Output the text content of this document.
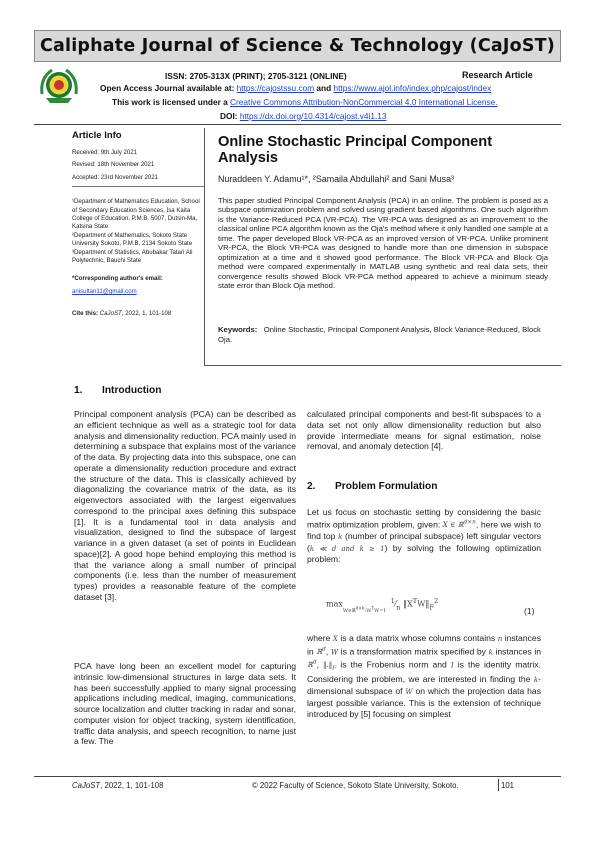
Caliphate Journal of Science & Technology (CaJoST)
ISSN: 2705-313X (PRINT); 2705-3121 (ONLINE)	Research Article
Open Access Journal available at: https://cajostssu.com and https://www.ajol.info/index.php/cajost/index
This work is licensed under a Creative Commons Attribution-NonCommercial 4.0 International License.
DOI: https://dx.doi.org/10.4314/cajost.v4i1.13
Article Info
Received: 9th July 2021
Revised: 18th November 2021
Accepted: 23rd November 2021
¹Department of Mathematics Education, School of Secondary Education Sciences, Isa Kaita College of Education, P.M.B. 5007, Dutsin-Ma, Katsina State
²Department of Mathematics, Sokoto State University Sokoto, P.M.B, 2134 Sokoto State
³Department of Statistics, Abubakar Tatari Ali Polytechnic, Bauchi State
*Corresponding author's email:
anisultan11@gmail.com
Cite this: CaJoST, 2022, 1, 101-108
Online Stochastic Principal Component Analysis
Nuraddeen Y. Adamu¹*, ²Samaila Abdullahi² and Sani Musa³
This paper studied Principal Component Analysis (PCA) in an online. The problem is posed as a subspace optimization problem and solved using gradient based algorithms. One such algorithm is the Variance-Reduced PCA (VR-PCA). The VR-PCA was designed as an improvement to the classical online PCA algorithm known as the Oja's method where it only handled one sample at a time. The paper developed Block VR-PCA as an improved version of VR-PCA. Unlike prominent VR-PCA, the Block VR-PCA was designed to handle more than one dimension in subspace optimization at a time and it showed good performance. The Block VR-PCA and Block Oja method were compared experimentally in MATLAB using synthetic and real data sets, their convergence results showed Block VR-PCA method appeared to achieve a minimum steady state error than Block Oja method.
Keywords: Online Stochastic, Principal Component Analysis, Block Variance-Reduced, Block Oja.
1. Introduction
Principal component analysis (PCA) can be described as an efficient technique as well as a strategic tool for data analysis and dimensionality reduction. PCA mainly used in determining a subspace that explains most of the variance of the data. By projecting data into this subspace, one can operate a dimensionality reduction procedure and extract the structure of the data. This is classically achieved by diagonalizing the covariance matrix of the data, as its eigenvectors associated with the largest eigenvalues correspond to the principal axes defining this subspace [1]. It is a fundamental tool in data analysis and visualization, designed to find the subspace of largest variance in a given dataset (a set of points in Euclidean space)[2]. A good hope behind employing this method is that the variance along a small number of principal components (i.e. less than the number of measurement types) provides a reasonable feature of the complete dataset [3].
PCA have long been an excellent model for capturing intrinsic low-dimensional structures in large data sets. It has been successfully applied to many signal processing applications including medical, imaging, communications, source localization and clutter tracking in radar and sonar, computer vision for object tracking, system identification, traffic data analysis, and speech recognition, to name just a few. The
calculated principal components and best-fit subspaces to a data set not only allow dimensionality reduction but also provide intermediate means for signal estimation, noise removal, and anomaly detection [4].
2. Problem Formulation
Let us focus on stochastic setting by considering the basic matrix optimization problem, given: X ∈ ℝ$^{d\times n}$, here we wish to find top k (number of principal subspace) left singular vectors (k ≪ d and k ≥ 1) by solving the following optimization problem:
$\max_{W\in ℝ^{d\times k}:W^TW=I}$  $^1⁄_n$ $‖X^TW‖_F^2$
(1)
where X is a data matrix whose columns contains n instances in ℝ$^d$, W is a transformation matrix specified by k instances in ℝ$^d$, $‖.‖_F$ is the Frobenius norm and I is the identity matrix. Considering the problem, we are interested in finding the k-dimensional subspace of W on which the projection data has largest possible variance. This is the extension of technique introduced by [5] focusing on simplest
CaJoST, 2022, 1, 101-108	© 2022 Faculty of Science, Sokoto State University, Sokoto.	101
